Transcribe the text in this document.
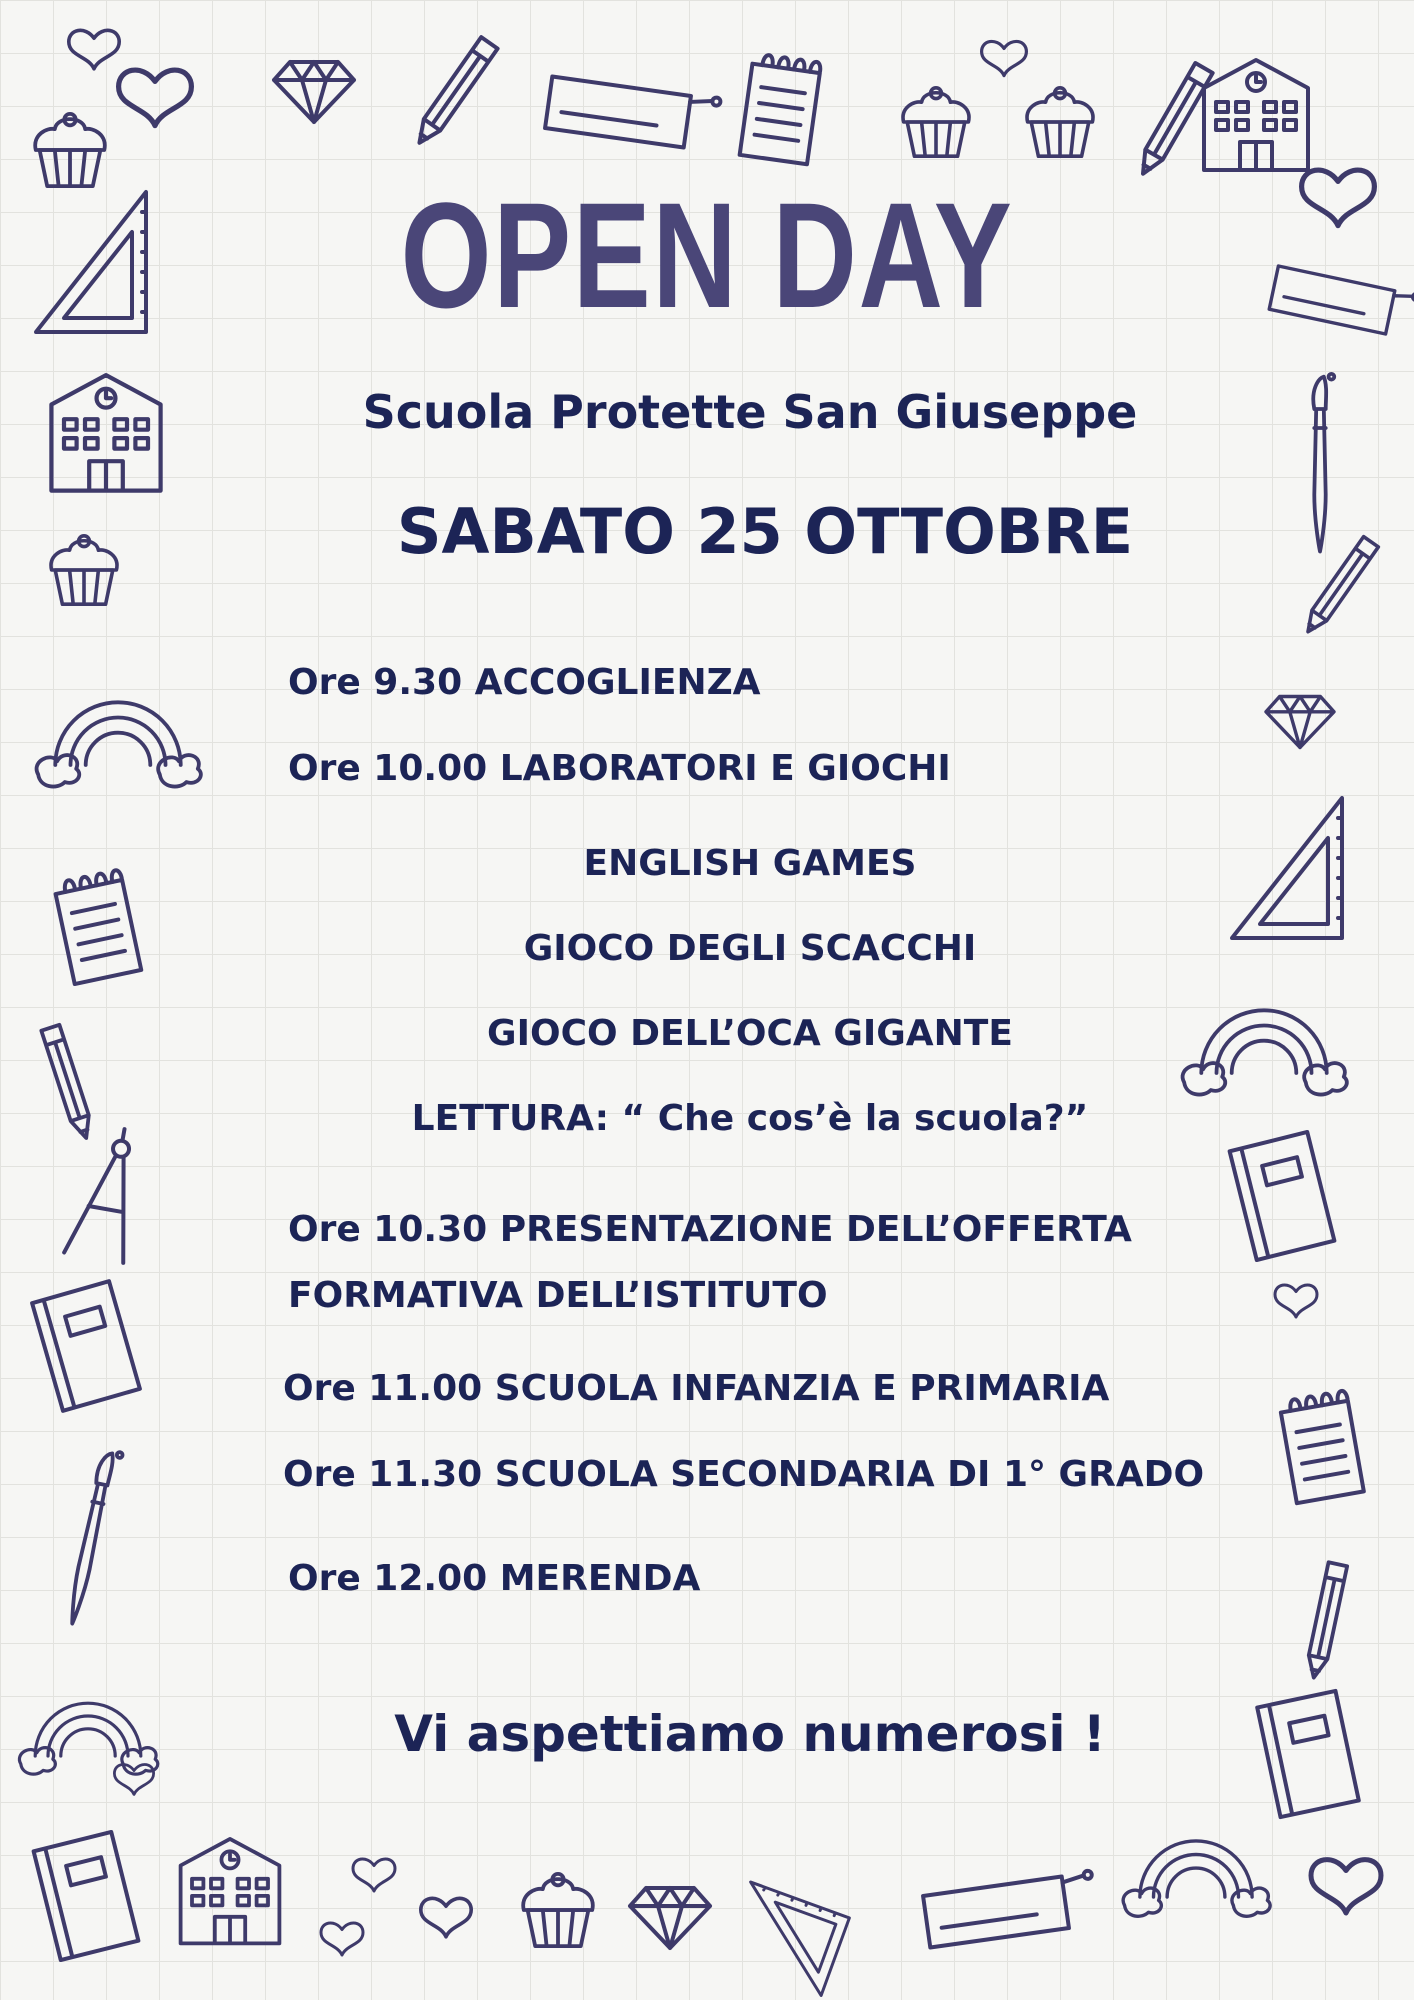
OPEN DAY
Scuola Protette San Giuseppe
SABATO 25 OTTOBRE
Ore 9.30 ACCOGLIENZA
Ore 10.00 LABORATORI E GIOCHI
ENGLISH GAMES
GIOCO DEGLI SCACCHI
GIOCO DELL’OCA GIGANTE
LETTURA: “ Che cos’è la scuola?”
Ore 10.30 PRESENTAZIONE DELL’OFFERTA
FORMATIVA DELL’ISTITUTO
Ore 11.00 SCUOLA INFANZIA E PRIMARIA
Ore 11.30 SCUOLA SECONDARIA DI 1° GRADO
Ore 12.00 MERENDA
Vi aspettiamo numerosi !
